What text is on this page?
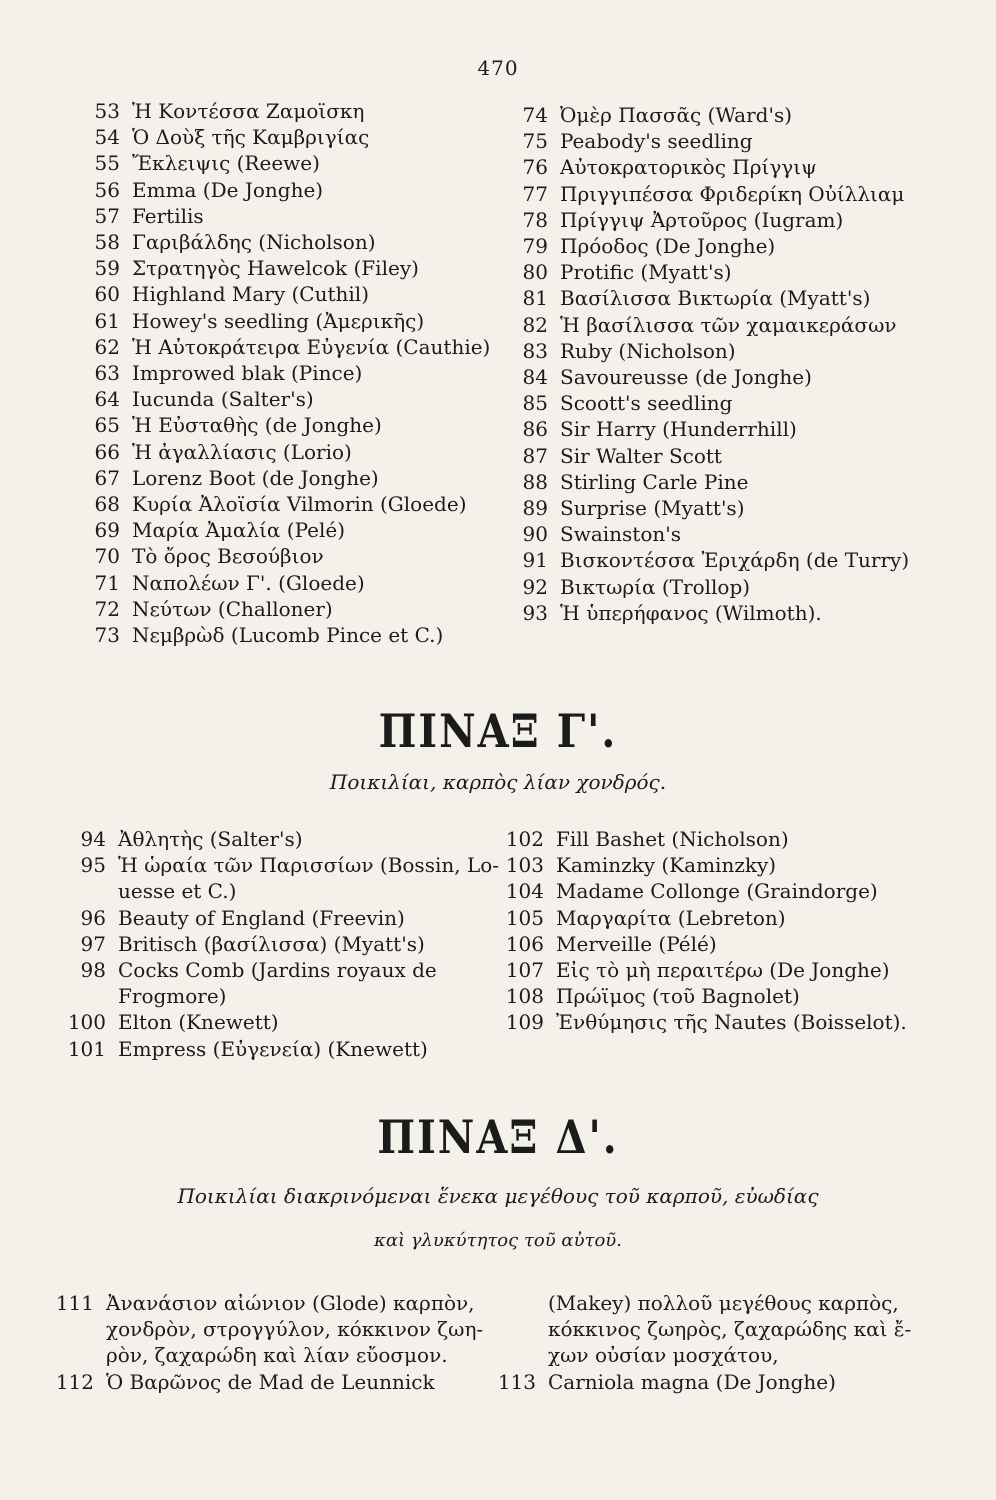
470
53 Ἡ Κοντέσσα Ζαμοϊσκη
54 Ὁ Δοὺξ τῆς Καμβριγίας
55 Ἔκλειψις (Reewe)
56 Emma (De Jonghe)
57 Fertilis
58 Γαριβάλδης (Nicholson)
59 Στρατηγὸς Hawelcok (Filey)
60 Highland Mary (Cuthil)
61 Howey's seedling (Ἀμερικῆς)
62 Ἡ Αὐτοκράτειρα Εὐγενία (Cauthie)
63 Improwed blak (Pince)
64 Iucunda (Salter's)
65 Ἡ Εὐσταθὴς (de Jonghe)
66 Ἡ ἀγαλλίασις (Lorio)
67 Lorenz Boot (de Jonghe)
68 Κυρία Ἀλοϊσία Vilmorin (Gloede)
69 Μαρία Ἀμαλία (Pelé)
70 Τὸ ὄρος Βεσούβιον
71 Ναπολέων Γ'. (Gloede)
72 Νεύτων (Challoner)
73 Νεμβρὼδ (Lucomb Pince et C.)
74 Ὀμὲρ Πασσᾶς (Ward's)
75 Peabody's seedling
76 Αὐτοκρατορικὸς Πρίγγιψ
77 Πριγγιπέσσα Φριδερίκη Οὐίλλιαμ
78 Πρίγγιψ Ἀρτοῦρος (Iugram)
79 Πρόοδος (De Jonghe)
80 Protific (Myatt's)
81 Βασίλισσα Βικτωρία (Myatt's)
82 Ἡ βασίλισσα τῶν χαμαικεράσων
83 Ruby (Nicholson)
84 Savoureusse (de Jonghe)
85 Scoott's seedling
86 Sir Harry (Hunderrhill)
87 Sir Walter Scott
88 Stirling Carle Pine
89 Surprise (Myatt's)
90 Swainston's
91 Βισκοντέσσα Ἐριχάρδη (de Turry)
92 Βικτωρία (Trollop)
93 Ἡ ὑπερήφανος (Wilmoth).
ΠΙΝΑΞ Γ'.
Ποικιλίαι, καρπὸς λίαν χονδρός.
94 Ἀθλητὴς (Salter's)
95 Ἡ ὡραία τῶν Παρισσίων (Bossin, Lo-
uesse et C.)
96 Beauty of England (Freevin)
97 Britisch (βασίλισσα) (Myatt's)
98 Cocks Comb (Jardins royaux de
Frogmore)
100 Elton (Knewett)
101 Empress (Εὐγενεία) (Knewett)
102 Fill Bashet (Nicholson)
103 Kaminzky (Kaminzky)
104 Madame Collonge (Graindorge)
105 Μαργαρίτα (Lebreton)
106 Merveille (Pélé)
107 Εἰς τὸ μὴ περαιτέρω (De Jonghe)
108 Πρώϊμος (τοῦ Bagnolet)
109 Ἐνθύμησις τῆς Nautes (Boisselot).
ΠΙΝΑΞ Δ'.
Ποικιλίαι διακρινόμεναι ἕνεκα μεγέθους τοῦ καρποῦ, εὐωδίας
καὶ γλυκύτητος τοῦ αὐτοῦ.
111 Ἀνανάσιον αἰώνιον (Glode) καρπὸν,
χονδρὸν, στρογγύλον, κόκκινον ζωη-
ρὸν, ζαχαρώδη καὶ λίαν εὔοσμον.
112 Ὁ Βαρῶνος de Mad de Leunnick
(Makey) πολλοῦ μεγέθους καρπὸς,
κόκκινος ζωηρὸς, ζαχαρώδης καὶ ἔ-
χων οὐσίαν μοσχάτου,
113 Carniola magna (De Jonghe)
